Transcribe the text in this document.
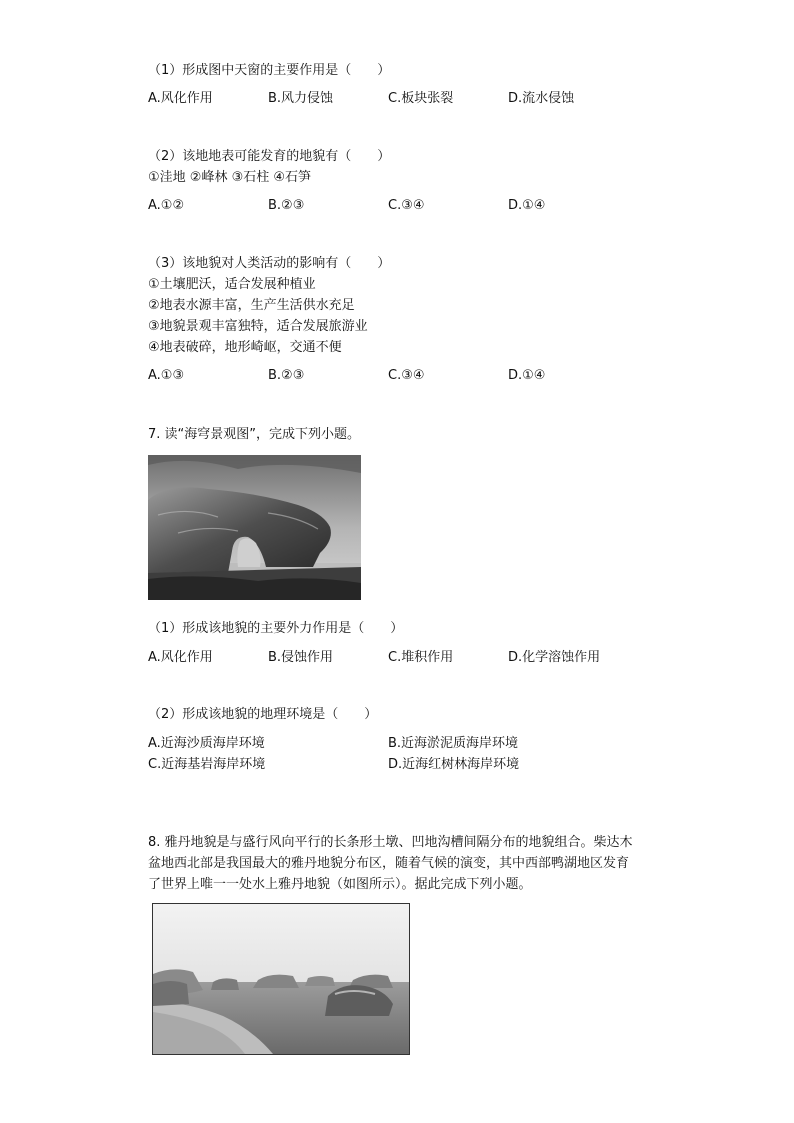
（1）形成图中天窗的主要作用是（　　）
A.风化作用	B.风力侵蚀	C.板块张裂	D.流水侵蚀
（2）该地地表可能发育的地貌有（　　）
①洼地 ②峰林 ③石柱 ④石笋
A.①②	B.②③	C.③④	D.①④
（3）该地貌对人类活动的影响有（　　）
①土壤肥沃，适合发展种植业
②地表水源丰富，生产生活供水充足
③地貌景观丰富独特，适合发展旅游业
④地表破碎，地形崎岖，交通不便
A.①③	B.②③	C.③④	D.①④
7. 读“海穹景观图”，完成下列小题。
（1）形成该地貌的主要外力作用是（　　）
A.风化作用	B.侵蚀作用	C.堆积作用	D.化学溶蚀作用
（2）形成该地貌的地理环境是（　　）
A.近海沙质海岸环境	B.近海淤泥质海岸环境
C.近海基岩海岸环境	D.近海红树林海岸环境
8. 雅丹地貌是与盛行风向平行的长条形土墩、凹地沟槽间隔分布的地貌组合。柴达木
盆地西北部是我国最大的雅丹地貌分布区，随着气候的演变，其中西部鸭湖地区发育
了世界上唯一一处水上雅丹地貌（如图所示）。据此完成下列小题。
